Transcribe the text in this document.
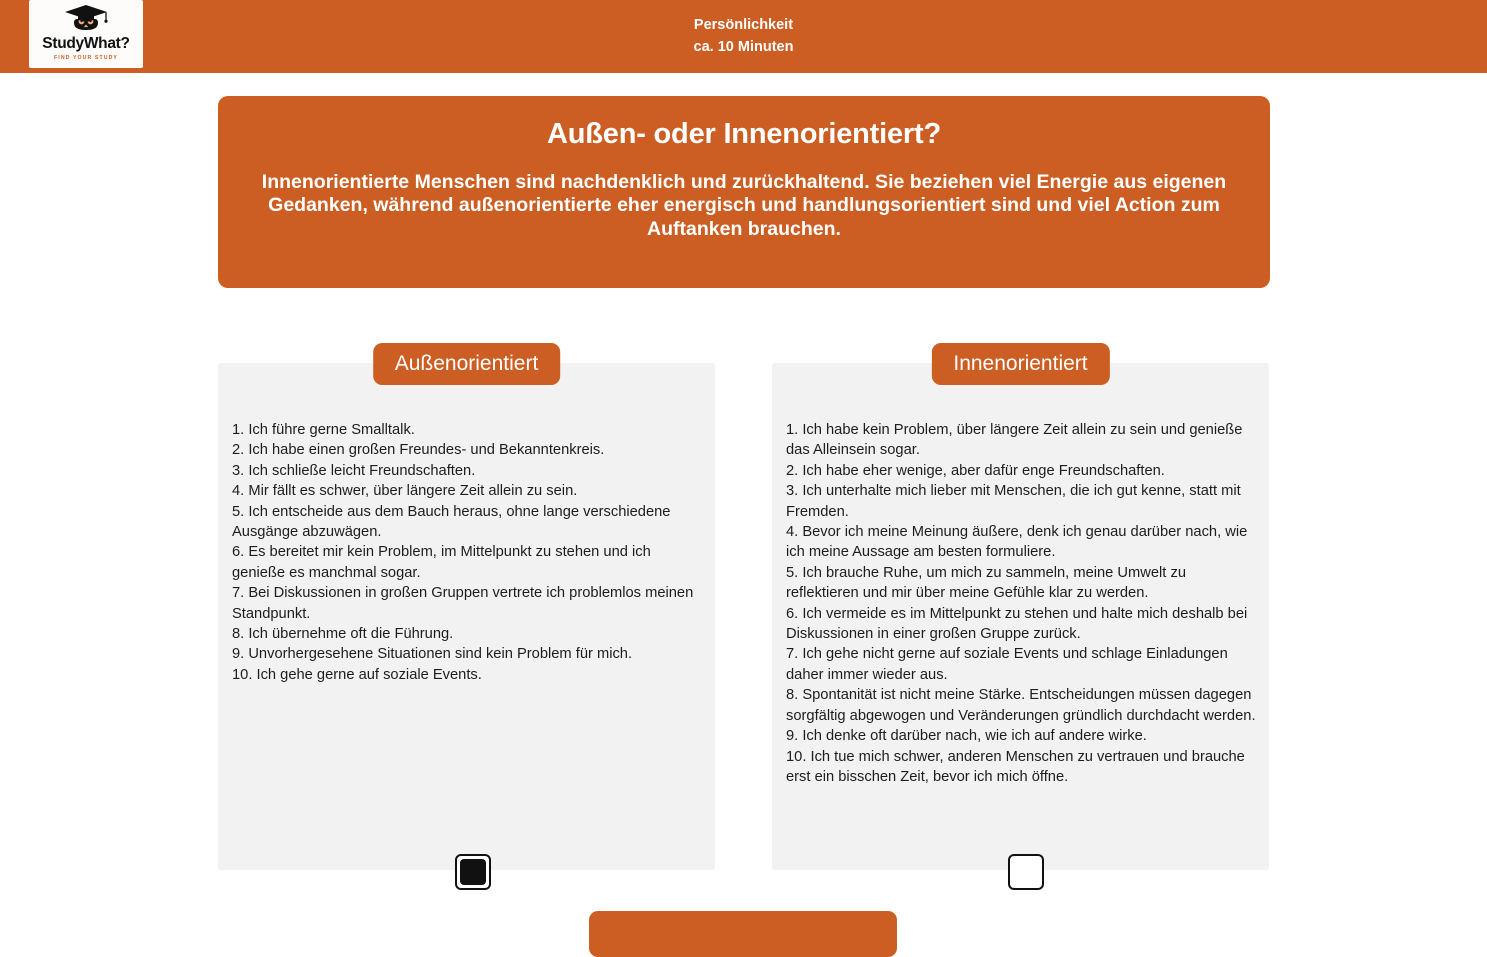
StudyWhat?
FIND YOUR STUDY
Persönlichkeit
ca. 10 Minuten
Außen- oder Innenorientiert?
Innenorientierte Menschen sind nachdenklich und zurückhaltend. Sie beziehen viel Energie aus eigenen Gedanken, während außenorientierte eher energisch und handlungsorientiert sind und viel Action zum Auftanken brauchen.
Außenorientiert

1. Ich führe gerne Smalltalk.

2. Ich habe einen großen Freundes- und Bekanntenkreis.

3. Ich schließe leicht Freundschaften.

4. Mir fällt es schwer, über längere Zeit allein zu sein.

5. Ich entscheide aus dem Bauch heraus, ohne lange verschiedene Ausgänge abzuwägen.

6. Es bereitet mir kein Problem, im Mittelpunkt zu stehen und ich genieße es manchmal sogar.

7. Bei Diskussionen in großen Gruppen vertrete ich problemlos meinen Standpunkt.

8. Ich übernehme oft die Führung.

9. Unvorhergesehene Situationen sind kein Problem für mich.

10. Ich gehe gerne auf soziale Events.

Innenorientiert

1. Ich habe kein Problem, über längere Zeit allein zu sein und genieße das Alleinsein sogar.

2. Ich habe eher wenige, aber dafür enge Freundschaften.

3. Ich unterhalte mich lieber mit Menschen, die ich gut kenne, statt mit Fremden.

4. Bevor ich meine Meinung äußere, denk ich genau darüber nach, wie ich meine Aussage am besten formuliere.

5. Ich brauche Ruhe, um mich zu sammeln, meine Umwelt zu reflektieren und mir über meine Gefühle klar zu werden.

6. Ich vermeide es im Mittelpunkt zu stehen und halte mich deshalb bei Diskussionen in einer großen Gruppe zurück.

7. Ich gehe nicht gerne auf soziale Events und schlage Einladungen daher immer wieder aus.

8. Spontanität ist nicht meine Stärke. Entscheidungen müssen dagegen sorgfältig abgewogen und Veränderungen gründlich durchdacht werden.

9. Ich denke oft darüber nach, wie ich auf andere wirke.

10. Ich tue mich schwer, anderen Menschen zu vertrauen und brauche erst ein bisschen Zeit, bevor ich mich öffne.
